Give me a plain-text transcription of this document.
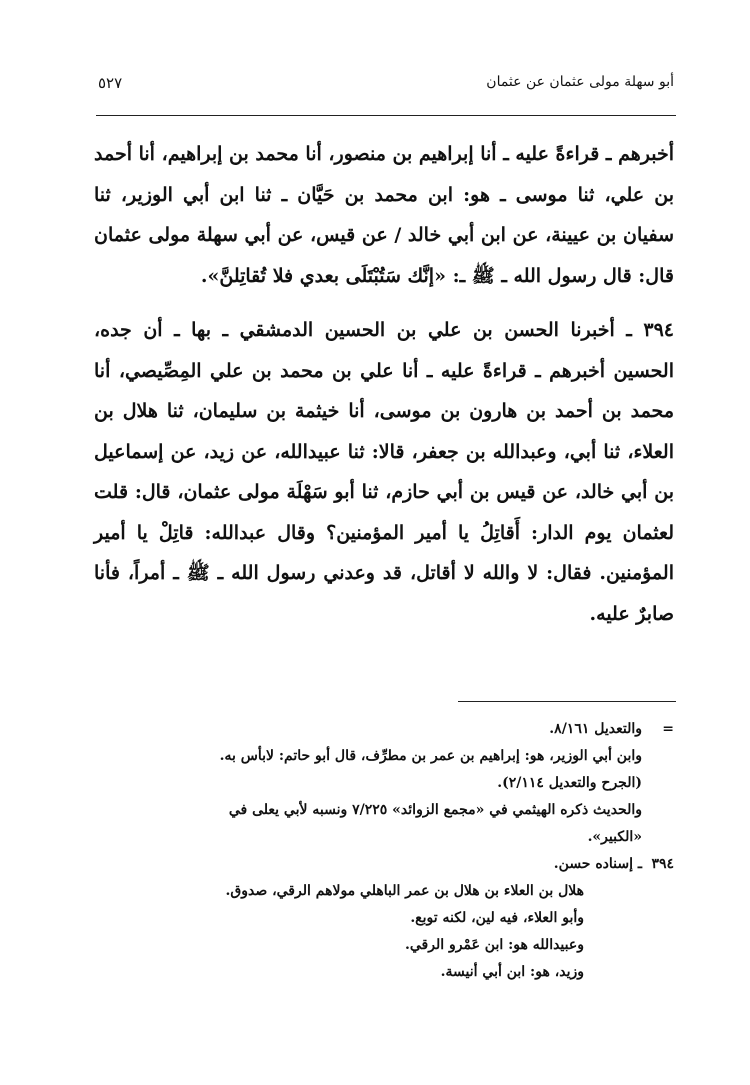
أبو سهلة مولى عثمان عن عثمان
٥٢٧

أخبرهم ـ قراءةً عليه ـ أنا إبراهيم بن منصور، أنا محمد بن إبراهيم، أنا أحمد بن علي، ثنا موسى ـ هو: ابن محمد بن حَيَّان ـ ثنا ابن أبي الوزير، ثنا سفيان بن عيينة، عن ابن أبي خالد / عن قيس، عن أبي سهلة مولى عثمان قال: قال رسول الله ـ ﷺ ـ: «إنَّك سَتُبْتَلَى بعدي فلا تُقاتِلنَّ».

٣٩٤ ـ أخبرنا الحسن بن علي بن الحسين الدمشقي ـ بها ـ أن جده، الحسين أخبرهم ـ قراءةً عليه ـ أنا علي بن محمد بن علي المِصِّيصي، أنا محمد بن أحمد بن هارون بن موسى، أنا خيثمة بن سليمان، ثنا هلال بن العلاء، ثنا أبي، وعبدالله بن جعفر، قالا: ثنا عبيدالله، عن زيد، عن إسماعيل بن أبي خالد، عن قيس بن أبي حازم، ثنا أبو سَهْلَة مولى عثمان، قال: قلت لعثمان يوم الدار: أَقاتِلُ يا أمير المؤمنين؟ وقال عبدالله: قاتِلْ يا أمير المؤمنين. فقال: لا والله لا أقاتل، قد وعدني رسول الله ـ ﷺ ـ أمراً، فأنا صابرٌ عليه.

=والتعديل ٨/١٦١.
وابن أبي الوزير، هو: إبراهيم بن عمر بن مطرِّف، قال أبو حاتم: لابأس به.
(الجرح والتعديل ٢/١١٤).
والحديث ذكره الهيثمي في «مجمع الزوائد» ٧/٢٢٥ ونسبه لأبي يعلى في
«الكبير».
٣٩٤ـ إسناده حسن.
هلال بن العلاء بن هلال بن عمر الباهلي مولاهم الرقي، صدوق.
وأبو العلاء، فيه لين، لكنه توبع.
وعبيدالله هو: ابن عَمْرو الرقي.
وزيد، هو: ابن أبي أنيسة.
